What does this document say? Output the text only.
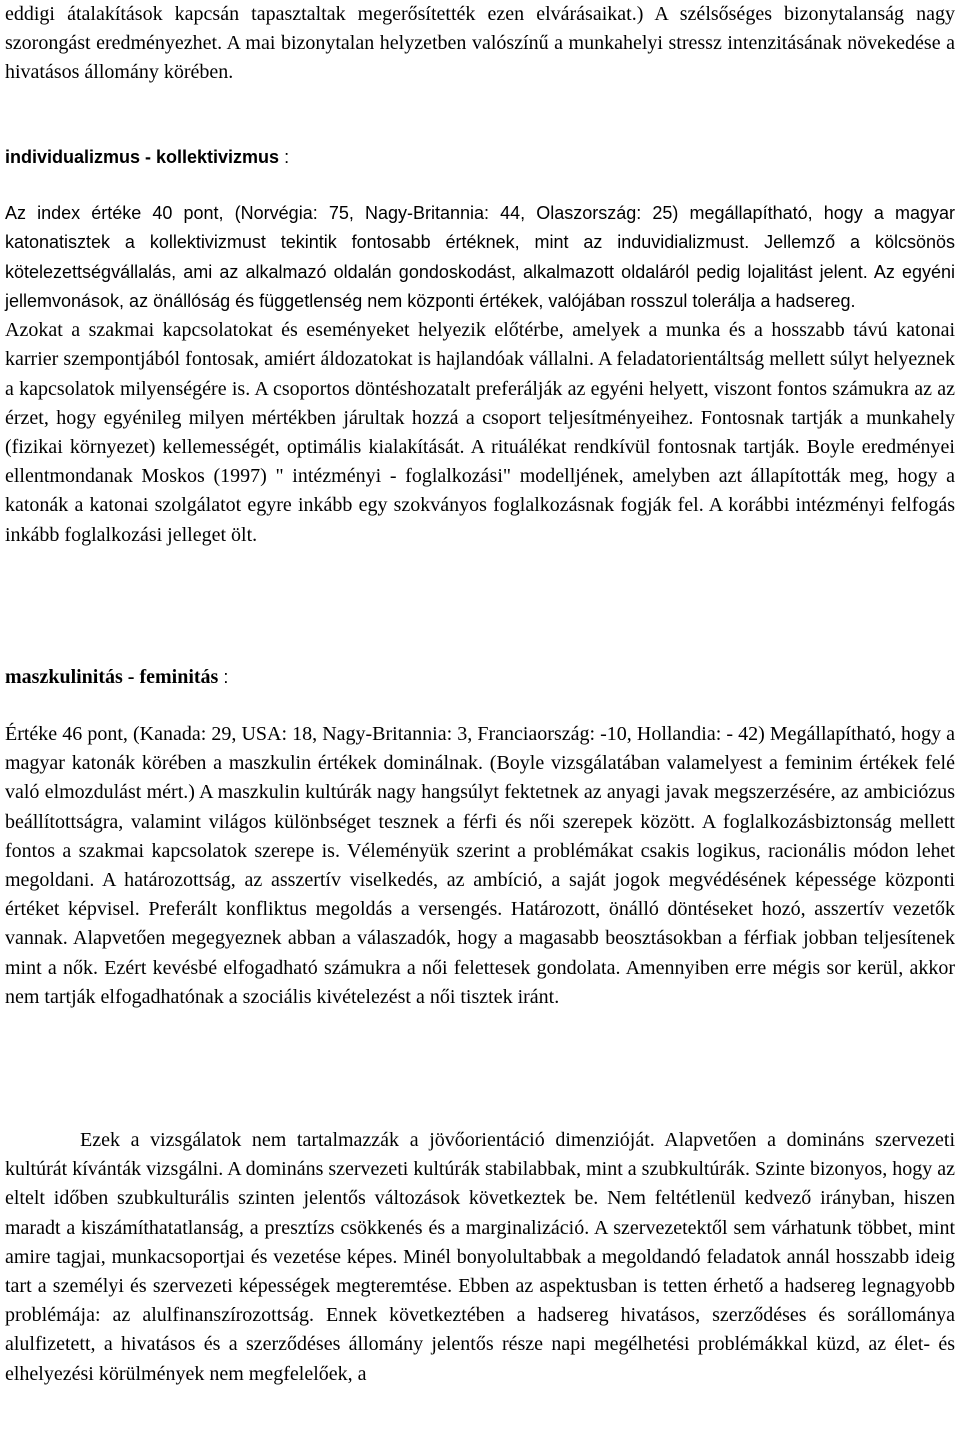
eddigi átalakítások kapcsán tapasztaltak megerősítették ezen elvárásaikat.) A szélsőséges bizonytalanság nagy szorongást eredményezhet. A mai bizonytalan helyzetben valószínű a munkahelyi stressz intenzitásának növekedése a hivatásos állomány körében.

individualizmus - kollektivizmus :

Az index értéke 40 pont, (Norvégia: 75, Nagy-Britannia: 44, Olaszország: 25) megállapítható, hogy a magyar katonatisztek a kollektivizmust tekintik fontosabb értéknek, mint az induvidializmust. Jellemző a kölcsönös kötelezettségvállalás, ami az alkalmazó oldalán gondoskodást, alkalmazott oldaláról pedig lojalitást jelent. Az egyéni jellemvonások, az önállóság és függetlenség nem központi értékek, valójában rosszul tolerálja a hadsereg.

Azokat a szakmai kapcsolatokat és eseményeket helyezik előtérbe, amelyek a munka és a hosszabb távú katonai karrier szempontjából fontosak, amiért áldozatokat is hajlandóak vállalni. A feladatorientáltság mellett súlyt helyeznek a kapcsolatok milyenségére is. A csoportos döntéshozatalt preferálják az egyéni helyett, viszont fontos számukra az az érzet, hogy egyénileg milyen mértékben járultak hozzá a csoport teljesítményeihez. Fontosnak tartják a munkahely (fizikai környezet) kellemességét, optimális kialakítását. A rituálékat rendkívül fontosnak tartják. Boyle eredményei ellentmondanak Moskos (1997) " intézményi - foglalkozási" modelljének, amelyben azt állapították meg, hogy a katonák a katonai szolgálatot egyre inkább egy szokványos foglalkozásnak fogják fel. A korábbi intézményi felfogás inkább foglalkozási jelleget ölt.

maszkulinitás - feminitás :

Értéke 46 pont, (Kanada: 29, USA: 18, Nagy-Britannia: 3, Franciaország: -10, Hollandia: - 42) Megállapítható, hogy a magyar katonák körében a maszkulin értékek dominálnak. (Boyle vizsgálatában valamelyest a feminim értékek felé való elmozdulást mért.) A maszkulin kultúrák nagy hangsúlyt fektetnek az anyagi javak megszerzésére, az ambiciózus beállítottságra, valamint világos különbséget tesznek a férfi és női szerepek között. A foglalkozásbiztonság mellett fontos a szakmai kapcsolatok szerepe is. Véleményük szerint a problémákat csakis logikus, racionális módon lehet megoldani. A határozottság, az asszertív viselkedés, az ambíció, a saját jogok megvédésének képessége központi értéket képvisel. Preferált konfliktus megoldás a versengés. Határozott, önálló döntéseket hozó, asszertív vezetők vannak. Alapvetően megegyeznek abban a válaszadók, hogy a magasabb beosztásokban a férfiak jobban teljesítenek mint a nők. Ezért kevésbé elfogadható számukra a női felettesek gondolata. Amennyiben erre mégis sor kerül, akkor nem tartják elfogadhatónak a szociális kivételezést a női tisztek iránt.

Ezek a vizsgálatok nem tartalmazzák a jövőorientáció dimenzióját. Alapvetően a domináns szervezeti kultúrát kívánták vizsgálni. A domináns szervezeti kultúrák stabilabbak, mint a szubkultúrák. Szinte bizonyos, hogy az eltelt időben szubkulturális szinten jelentős változások következtek be. Nem feltétlenül kedvező irányban, hiszen maradt a kiszámíthatatlanság, a presztízs csökkenés és a marginalizáció. A szervezetektől sem várhatunk többet, mint amire tagjai, munkacsoportjai és vezetése képes. Minél bonyolultabbak a megoldandó feladatok annál hosszabb ideig tart a személyi és szervezeti képességek megteremtése. Ebben az aspektusban is tetten érhető a hadsereg legnagyobb problémája: az alulfinanszírozottság. Ennek következtében a hadsereg hivatásos, szerződéses és sorállománya alulfizetett, a hivatásos és a szerződéses állomány jelentős része napi megélhetési problémákkal küzd, az élet- és elhelyezési körülmények nem megfelelőek, a
